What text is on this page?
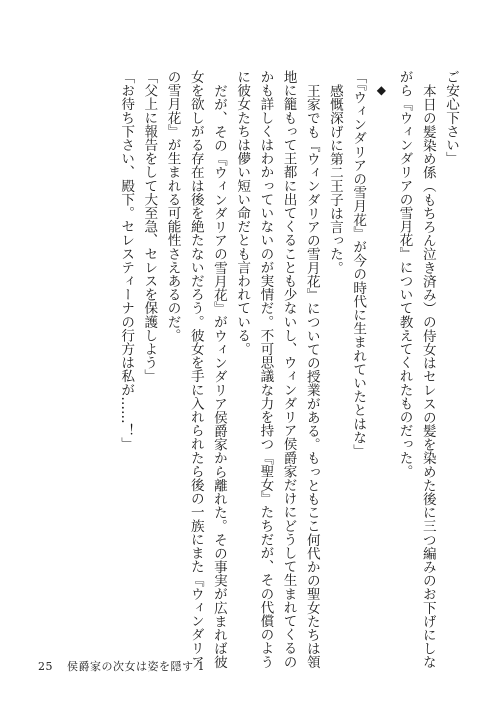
ご安心下さい」

本日の髪染め係（もちろん泣き済み）の侍女はセレスの髪を染めた後に三つ編みのお下げにしな

がら『ウィンダリアの雪月花』について教えてくれたものだった。

◆

「『ウィンダリアの雪月花』が今の時代に生まれていたとはな」

感慨深げに第二王子は言った。

王家でも『ウィンダリアの雪月花』についての授業がある。もっともここ何代かの聖女たちは領

地に籠もって王都に出てくることも少ないし、ウィンダリア侯爵家だけにどうして生まれてくるの

かも詳しくはわかっていないのが実情だ。不可思議な力を持つ『聖女』たちだが、その代償のよう

に彼女たちは儚い短い命だとも言われている。

だが、その『ウィンダリアの雪月花』がウィンダリア侯爵家から離れた。その事実が広まれば彼

女を欲しがる存在は後を絶たないだろう。彼女を手に入れられたら後の一族にまた『ウィンダリア

の雪月花』が生まれる可能性さえあるのだ。

「父上に報告をして大至急、セレスを保護しよう」

「お待ち下さい、殿下。セレスティーナの行方は私が……！」

25 侯爵家の次女は姿を隠す 1
